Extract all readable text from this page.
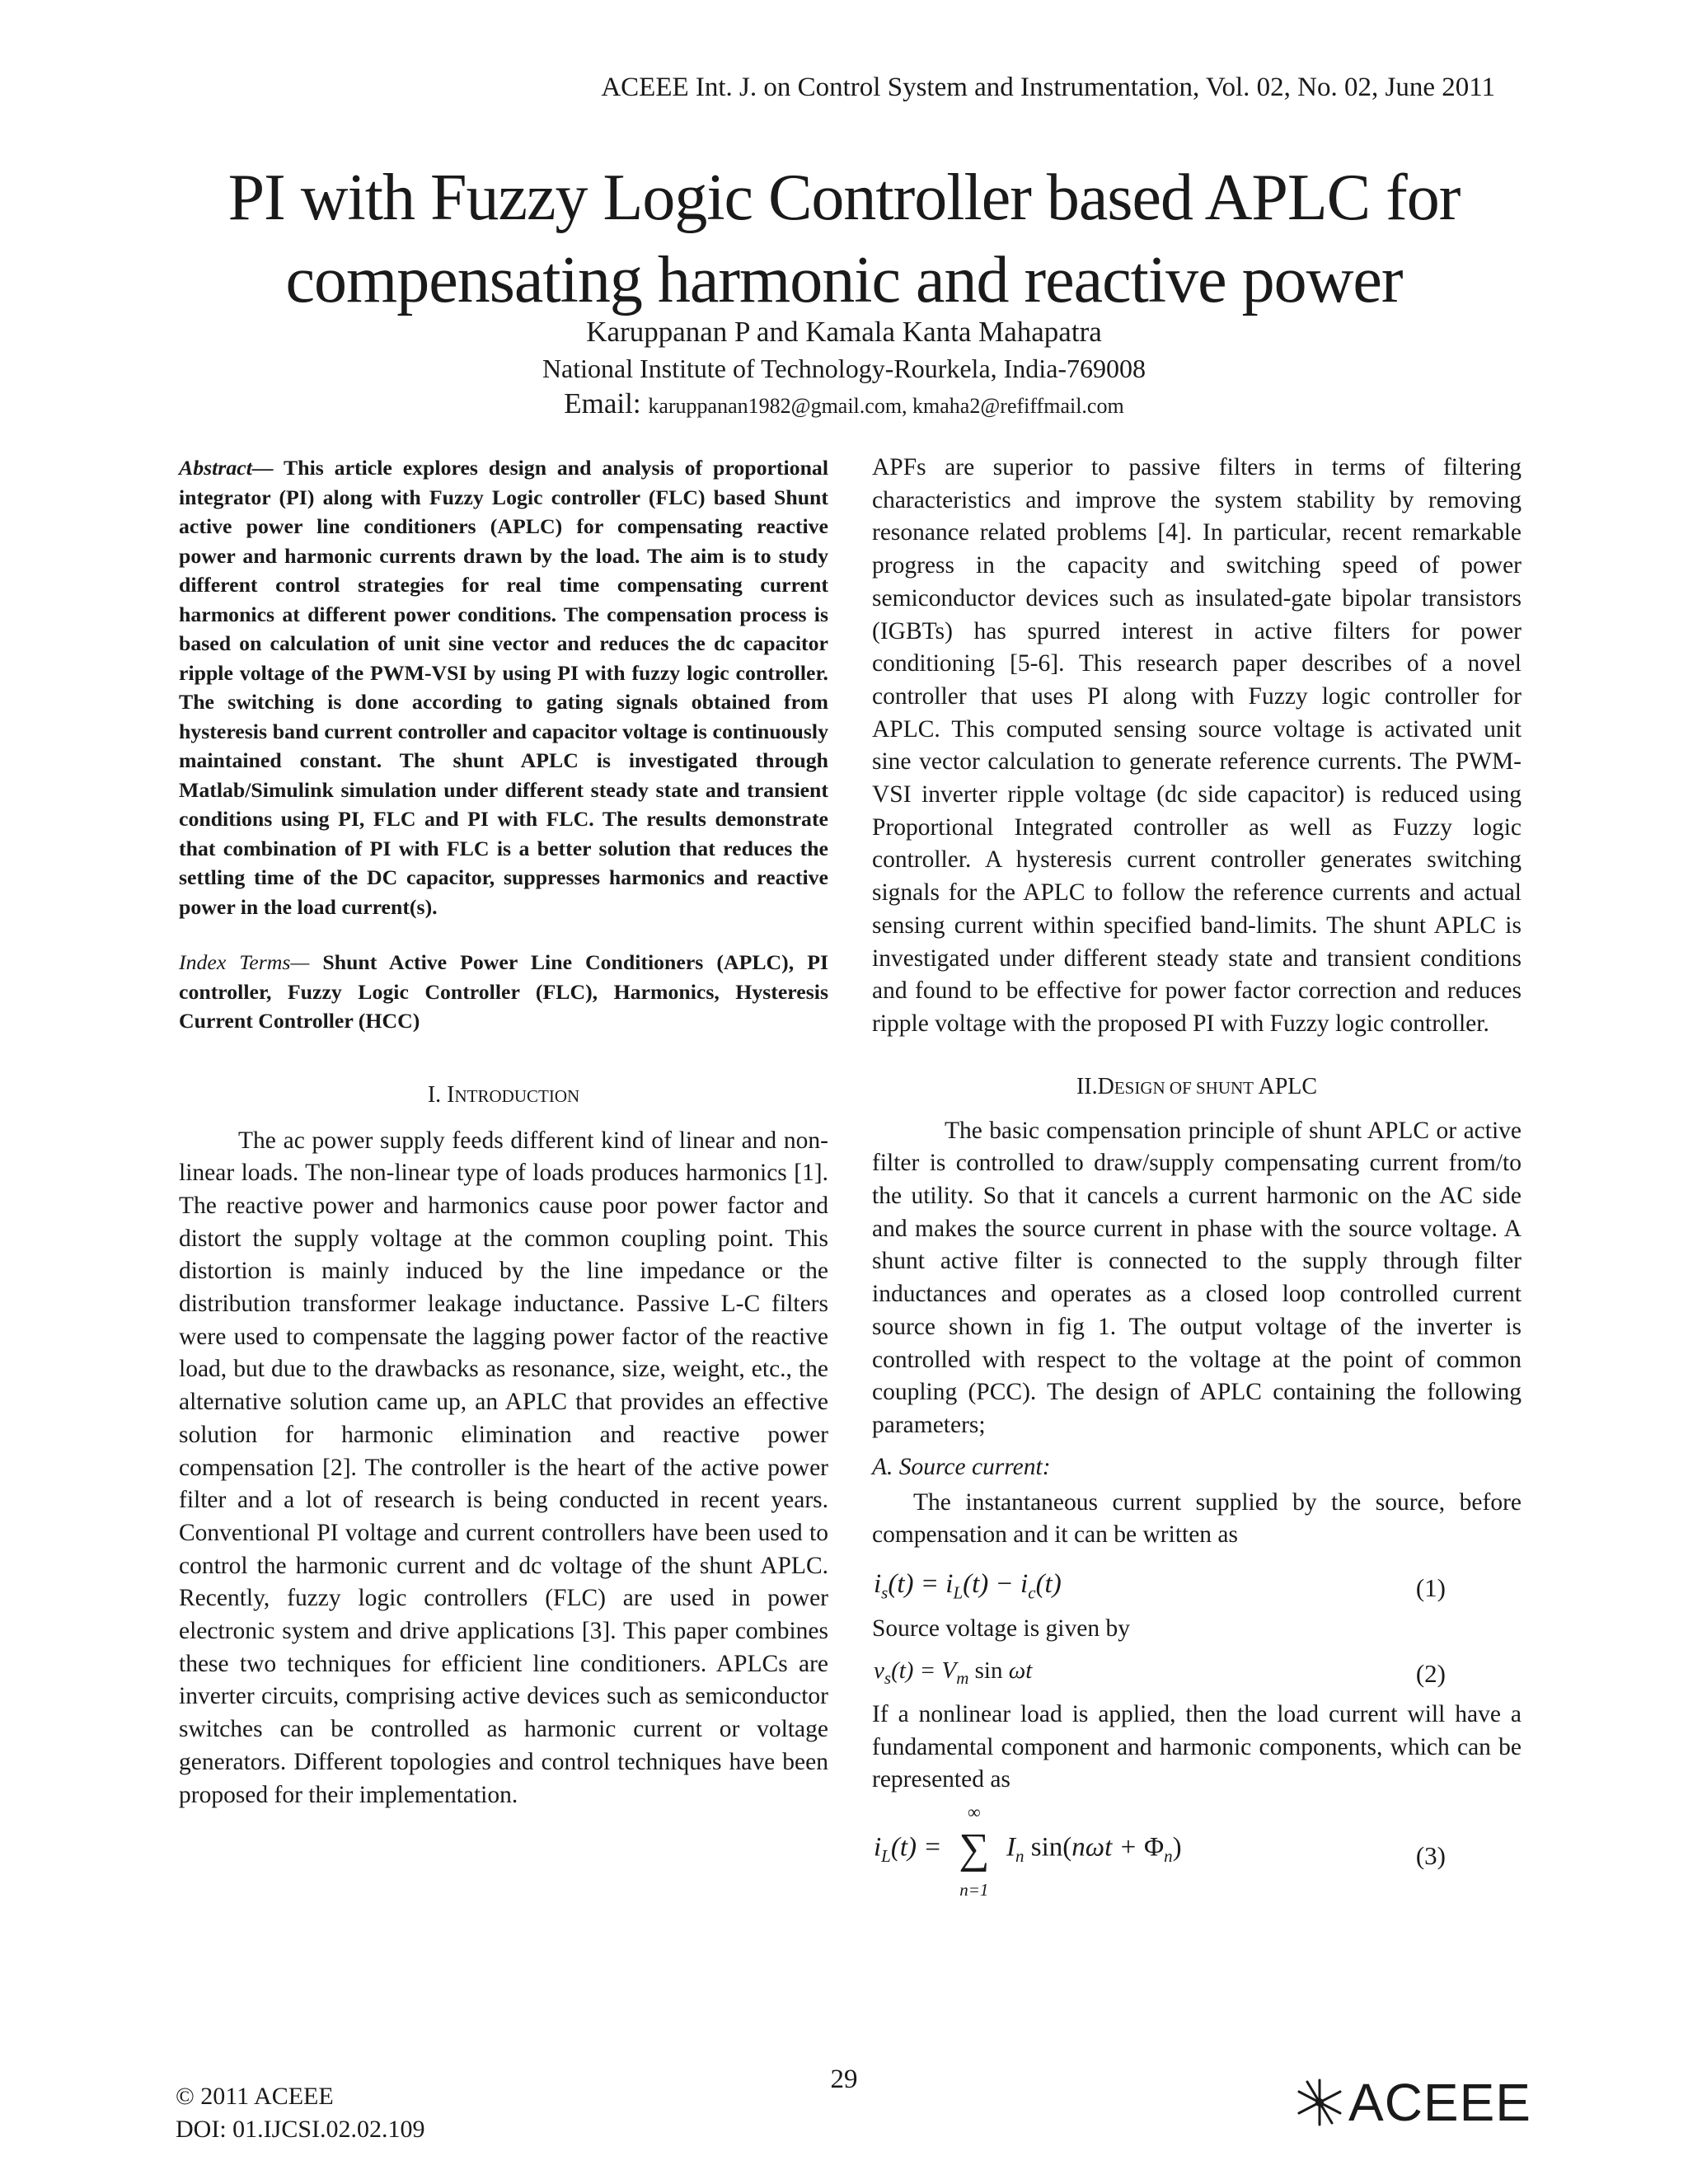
ACEEE Int. J. on Control System and Instrumentation, Vol. 02, No. 02, June 2011
PI with Fuzzy Logic Controller based APLC for
compensating harmonic and reactive power
Karuppanan P and Kamala Kanta Mahapatra
National Institute of Technology-Rourkela, India-769008
Email: karuppanan1982@gmail.com, kmaha2@refiffmail.com

Abstract— This article explores design and analysis of proportional integrator (PI) along with Fuzzy Logic controller (FLC) based Shunt active power line conditioners (APLC) for compensating reactive power and harmonic currents drawn by the load. The aim is to study different control strategies for real time compensating current harmonics at different power conditions. The compensation process is based on calculation of unit sine vector and reduces the dc capacitor ripple voltage of the PWM-VSI by using PI with fuzzy logic controller. The switching is done according to gating signals obtained from hysteresis band current controller and capacitor voltage is continuously maintained constant. The shunt APLC is investigated through Matlab/Simulink simulation under different steady state and transient conditions using PI, FLC and PI with FLC. The results demonstrate that combination of PI with FLC is a better solution that reduces the settling time of the DC capacitor, suppresses harmonics and reactive power in the load current(s).

Index Terms— Shunt Active Power Line Conditioners (APLC), PI controller, Fuzzy Logic Controller (FLC), Harmonics, Hysteresis Current Controller (HCC)

I. INTRODUCTION

The ac power supply feeds different kind of linear and non-linear loads. The non-linear type of loads produces harmonics [1]. The reactive power and harmonics cause poor power factor and distort the supply voltage at the common coupling point. This distortion is mainly induced by the line impedance or the distribution transformer leakage inductance. Passive L-C filters were used to compensate the lagging power factor of the reactive load, but due to the drawbacks as resonance, size, weight, etc., the alternative solution came up, an APLC that provides an effective solution for harmonic elimination and reactive power compensation [2]. The controller is the heart of the active power filter and a lot of research is being conducted in recent years. Conventional PI voltage and current controllers have been used to control the harmonic current and dc voltage of the shunt APLC. Recently, fuzzy logic controllers (FLC) are used in power electronic system and drive applications [3]. This paper combines these two techniques for efficient line conditioners. APLCs are inverter circuits, comprising active devices such as semiconductor switches can be controlled as harmonic current or voltage generators. Different topologies and control techniques have been proposed for their implementation.

APFs are superior to passive filters in terms of filtering characteristics and improve the system stability by removing resonance related problems [4]. In particular, recent remarkable progress in the capacity and switching speed of power semiconductor devices such as insulated-gate bipolar transistors (IGBTs) has spurred interest in active filters for power conditioning [5-6]. This research paper describes of a novel controller that uses PI along with Fuzzy logic controller for APLC. This computed sensing source voltage is activated unit sine vector calculation to generate reference currents. The PWM-VSI inverter ripple voltage (dc side capacitor) is reduced using Proportional Integrated controller as well as Fuzzy logic controller. A hysteresis current controller generates switching signals for the APLC to follow the reference currents and actual sensing current within specified band-limits. The shunt APLC is investigated under different steady state and transient conditions and found to be effective for power factor correction and reduces ripple voltage with the proposed PI with Fuzzy logic controller.

II.DESIGN OF SHUNT APLC

The basic compensation principle of shunt APLC or active filter is controlled to draw/supply compensating current from/to the utility. So that it cancels a current harmonic on the AC side and makes the source current in phase with the source voltage. A shunt active filter is connected to the supply through filter inductances and operates as a closed loop controlled current source shown in fig 1. The output voltage of the inverter is controlled with respect to the voltage at the point of common coupling (PCC). The design of APLC containing the following parameters;

A. Source current:

The instantaneous current supplied by the source, before compensation and it can be written as

$i_s(t) = i_L(t) - i_c(t)$	(1)

Source voltage is given by

$v_s(t) = V_m$ sin ωt	(2)

If a nonlinear load is applied, then the load current will have a fundamental component and harmonic components, which can be represented as

$i_L(t)$ =
∞
∑
n=1
$I_n$ $\sin(n\omega t + \Phi_n)$	(3)
29
© 2011 ACEEE
DOI: 01.IJCSI.02.02.109	ACEEE
